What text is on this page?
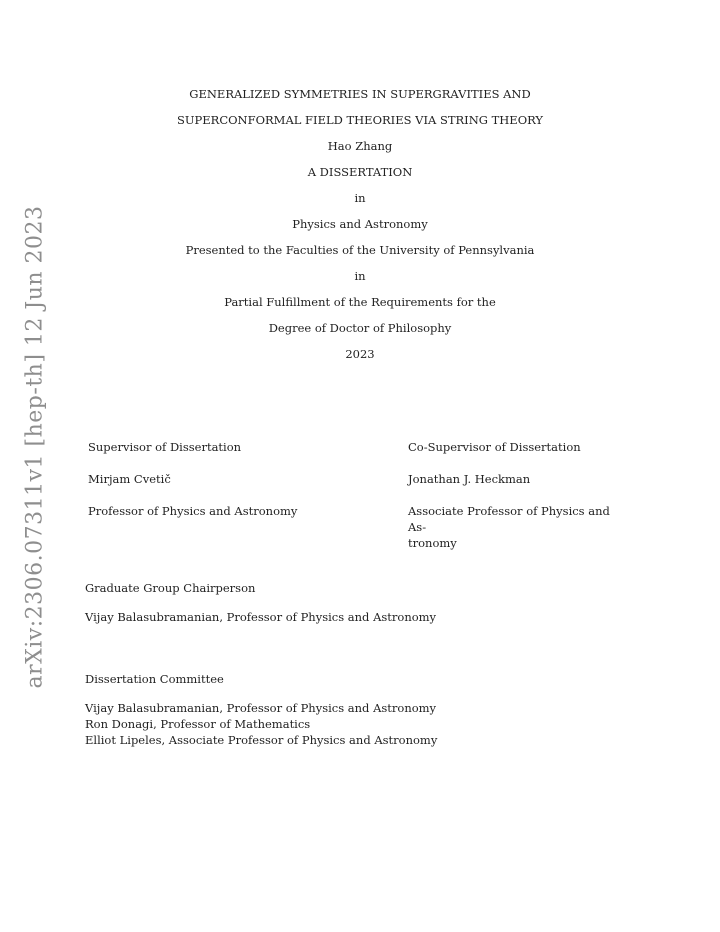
arXiv:2306.07311v1 [hep-th] 12 Jun 2023
GENERALIZED SYMMETRIES IN SUPERGRAVITIES AND
SUPERCONFORMAL FIELD THEORIES VIA STRING THEORY
Hao Zhang
A DISSERTATION
in
Physics and Astronomy
Presented to the Faculties of the University of Pennsylvania
in
Partial Fulfillment of the Requirements for the
Degree of Doctor of Philosophy
2023
Supervisor of Dissertation
Mirjam Cvetič
Professor of Physics and Astronomy
Co-Supervisor of Dissertation
Jonathan J. Heckman
Associate Professor of Physics and As-
tronomy
Graduate Group Chairperson
Vijay Balasubramanian, Professor of Physics and Astronomy
Dissertation Committee
Vijay Balasubramanian, Professor of Physics and Astronomy
Ron Donagi, Professor of Mathematics
Elliot Lipeles, Associate Professor of Physics and Astronomy
